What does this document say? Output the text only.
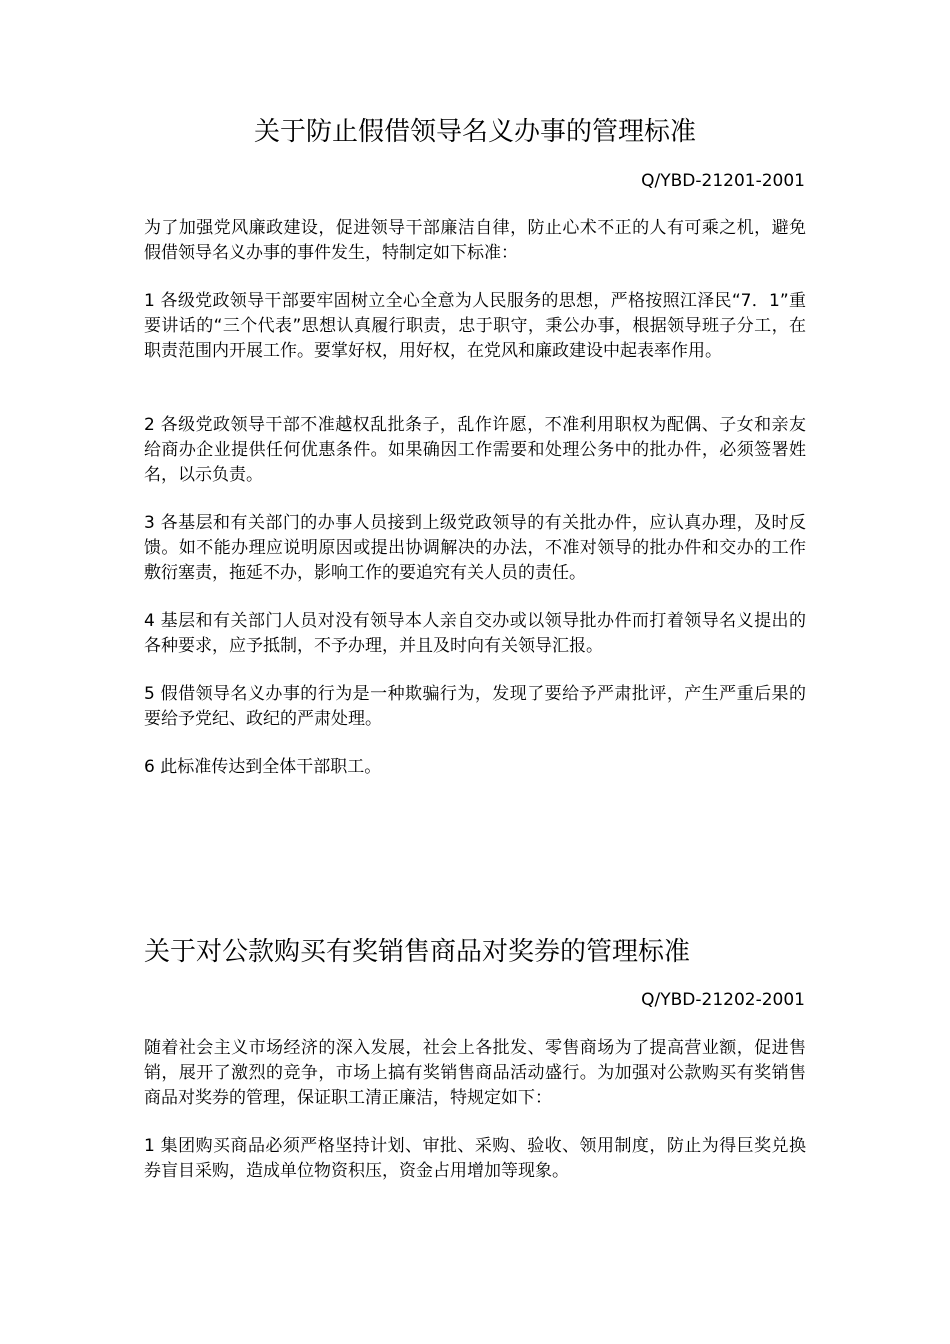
关于防止假借领导名义办事的管理标准
Q/YBD-21201-2001

为了加强党风廉政建设，促进领导干部廉洁自律，防止心术不正的人有可乘之机，避免假借领导名义办事的事件发生，特制定如下标准：

1 各级党政领导干部要牢固树立全心全意为人民服务的思想，严格按照江泽民“7．1”重要讲话的“三个代表”思想认真履行职责，忠于职守，秉公办事，根据领导班子分工，在职责范围内开展工作。要掌好权，用好权，在党风和廉政建设中起表率作用。

2 各级党政领导干部不准越权乱批条子，乱作许愿，不准利用职权为配偶、子女和亲友给商办企业提供任何优惠条件。如果确因工作需要和处理公务中的批办件，必须签署姓名，以示负责。

3 各基层和有关部门的办事人员接到上级党政领导的有关批办件，应认真办理，及时反馈。如不能办理应说明原因或提出协调解决的办法，不准对领导的批办件和交办的工作敷衍塞责，拖延不办，影响工作的要追究有关人员的责任。

4 基层和有关部门人员对没有领导本人亲自交办或以领导批办件而打着领导名义提出的各种要求，应予抵制，不予办理，并且及时向有关领导汇报。

5 假借领导名义办事的行为是一种欺骗行为，发现了要给予严肃批评，产生严重后果的要给予党纪、政纪的严肃处理。

6 此标准传达到全体干部职工。

关于对公款购买有奖销售商品对奖券的管理标准
Q/YBD-21202-2001

随着社会主义市场经济的深入发展，社会上各批发、零售商场为了提高营业额，促进售销，展开了激烈的竞争，市场上搞有奖销售商品活动盛行。为加强对公款购买有奖销售商品对奖券的管理，保证职工清正廉洁，特规定如下：

1 集团购买商品必须严格坚持计划、审批、采购、验收、领用制度，防止为得巨奖兑换券盲目采购，造成单位物资积压，资金占用增加等现象。
